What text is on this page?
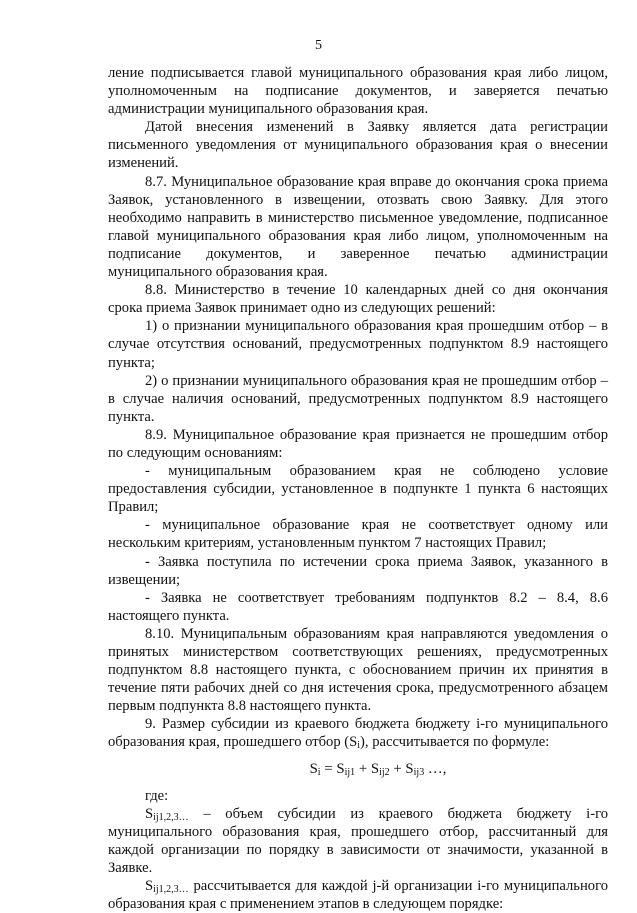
5

ление подписывается главой муниципального образования края либо лицом, уполномоченным на подписание документов, и заверяется печатью администрации муниципального образования края.

Датой внесения изменений в Заявку является дата регистрации письменного уведомления от муниципального образования края о внесении изменений.

8.7. Муниципальное образование края вправе до окончания срока приема Заявок, установленного в извещении, отозвать свою Заявку. Для этого необходимо направить в министерство письменное уведомление, подписанное главой муниципального образования края либо лицом, уполномоченным на подписание документов, и заверенное печатью администрации муниципального образования края.

8.8. Министерство в течение 10 календарных дней со дня окончания срока приема Заявок принимает одно из следующих решений:

1) о признании муниципального образования края прошедшим отбор – в случае отсутствия оснований, предусмотренных подпунктом 8.9 настоящего пункта;

2) о признании муниципального образования края не прошедшим отбор – в случае наличия оснований, предусмотренных подпунктом 8.9 настоящего пункта.

8.9. Муниципальное образование края признается не прошедшим отбор по следующим основаниям:

- муниципальным образованием края не соблюдено условие предоставления субсидии, установленное в подпункте 1 пункта 6 настоящих Правил;

- муниципальное образование края не соответствует одному или нескольким критериям, установленным пунктом 7 настоящих Правил;

- Заявка поступила по истечении срока приема Заявок, указанного в извещении;

- Заявка не соответствует требованиям подпунктов 8.2 – 8.4, 8.6 настоящего пункта.

8.10. Муниципальным образованиям края направляются уведомления о принятых министерством соответствующих решениях, предусмотренных подпунктом 8.8 настоящего пункта, с обоснованием причин их принятия в течение пяти рабочих дней со дня истечения срока, предусмотренного абзацем первым подпункта 8.8 настоящего пункта.

9. Размер субсидии из краевого бюджета бюджету i-го муниципального образования края, прошедшего отбор $(S_i)$, рассчитывается по формуле:

$S_i = S_{ij1} + S_{ij2} + S_{ij3}$ …,

где:

$S_{ij1,2,3\dots}$ – объем субсидии из краевого бюджета бюджету i-го муниципального образования края, прошедшего отбор, рассчитанный для каждой организации по порядку в зависимости от значимости, указанной в Заявке.

$S_{ij1,2,3\dots}$ рассчитывается для каждой j-й организации i-го муниципального образования края с применением этапов в следующем порядке:
